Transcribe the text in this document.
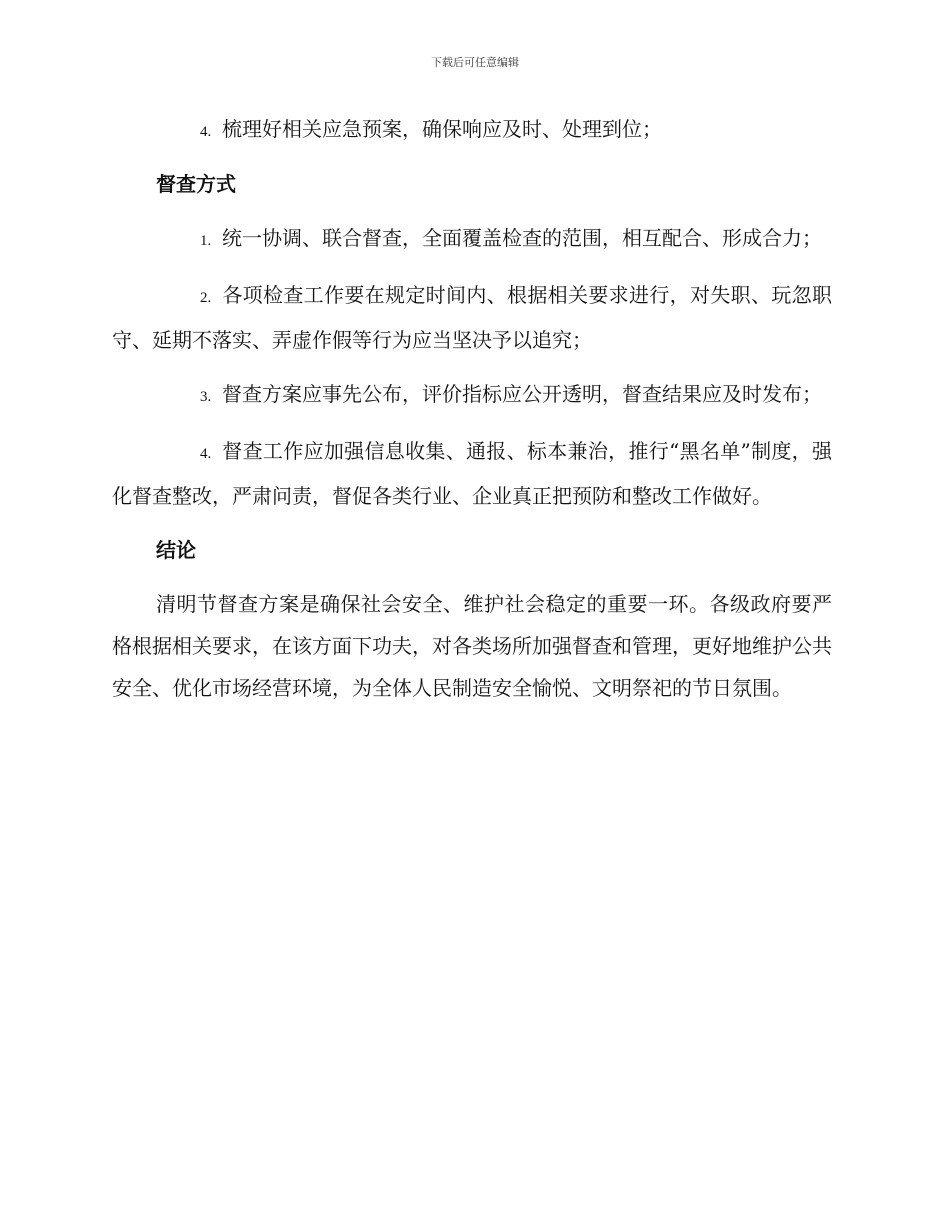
下载后可任意编辑

4. 梳理好相关应急预案，确保响应及时、处理到位；

督查方式

1. 统一协调、联合督查，全面覆盖检查的范围，相互配合、形成合力；

2. 各项检查工作要在规定时间内、根据相关要求进行，对失职、玩忽职守、延期不落实、弄虚作假等行为应当坚决予以追究；

3. 督查方案应事先公布，评价指标应公开透明，督查结果应及时发布；

4. 督查工作应加强信息收集、通报、标本兼治，推行“黑名单”制度，强化督查整改，严肃问责，督促各类行业、企业真正把预防和整改工作做好。

结论

清明节督查方案是确保社会安全、维护社会稳定的重要一环。各级政府要严格根据相关要求，在该方面下功夫，对各类场所加强督查和管理，更好地维护公共安全、优化市场经营环境，为全体人民制造安全愉悦、文明祭祀的节日氛围。
